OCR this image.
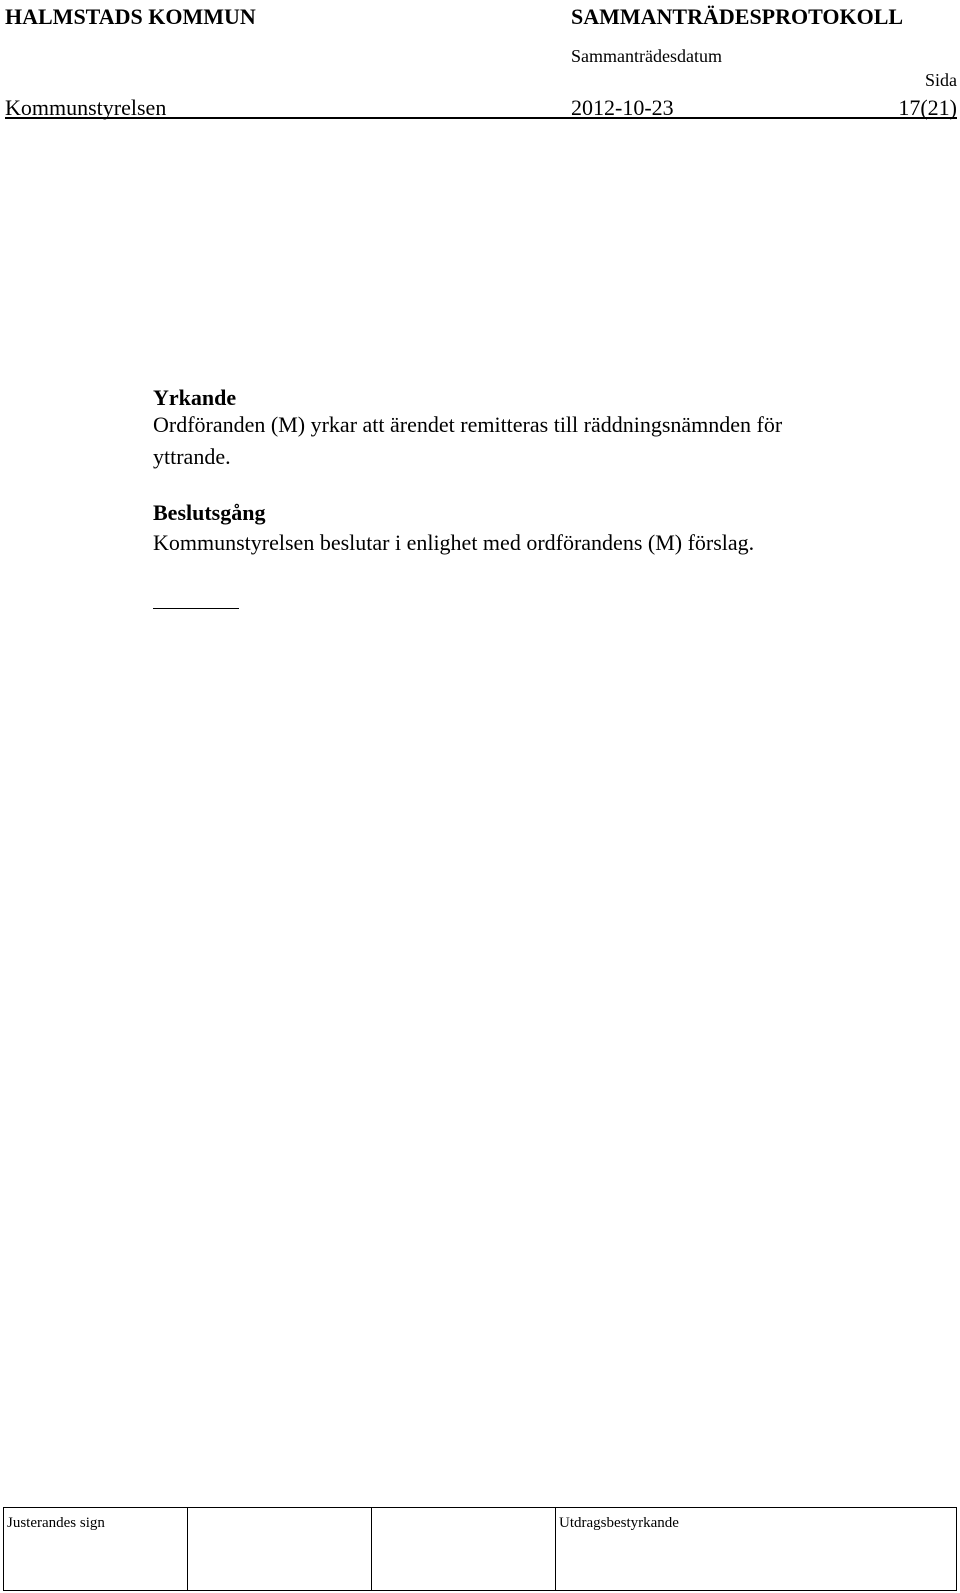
HALMSTADS KOMMUN	SAMMANTRÄDESPROTOKOLL
Sammanträdesdatum
Sida
Kommunstyrelsen	2012-10-23	17(21)
Yrkande
Ordföranden (M) yrkar att ärendet remitteras till räddningsnämnden för
yttrande.
Beslutsgång
Kommunstyrelsen beslutar i enlighet med ordförandens (M) förslag.
Justerandes sign			Utdragsbestyrkande
